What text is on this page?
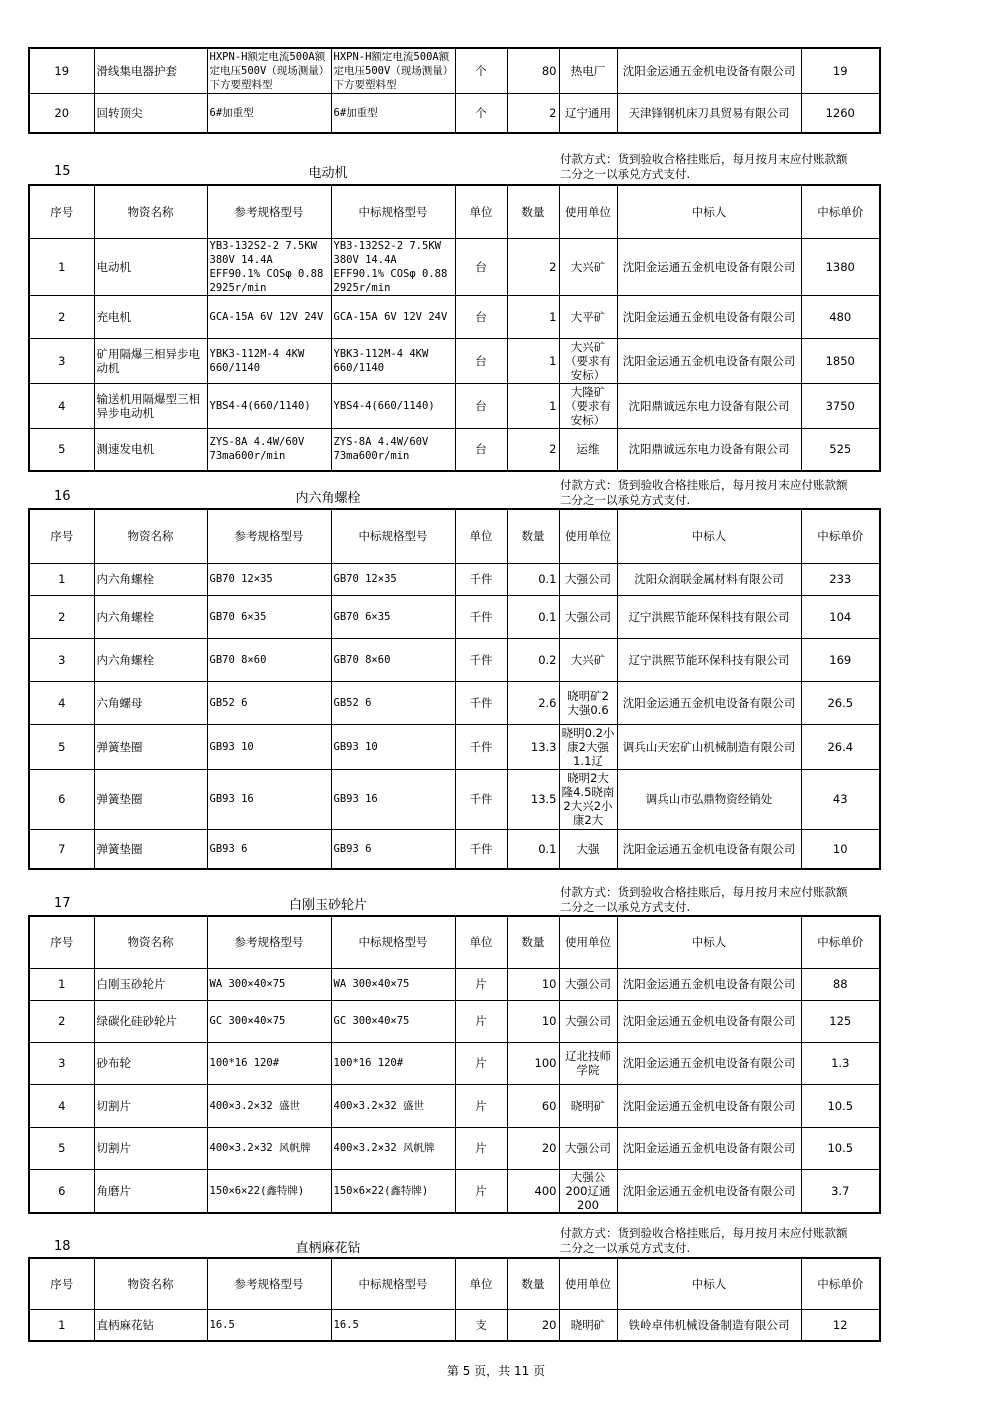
19	滑线集电器护套	HXPN-H额定电流500A额定电压500V（现场测量）下方要塑料型	HXPN-H额定电流500A额定电压500V（现场测量）下方要塑料型	个	80	热电厂	沈阳金运通五金机电设备有限公司	19
20	回转顶尖	6#加重型	6#加重型	个	2	辽宁通用	天津锋钢机床刀具贸易有限公司	1260
15	电动机
付款方式：货到验收合格挂账后，每月按月末应付账款额
二分之一以承兑方式支付.
序号	物资名称	参考规格型号	中标规格型号	单位	数量	使用单位	中标人	中标单价
1	电动机	YB3-132S2-2 7.5KW 380V 14.4A EFF90.1% COSφ 0.88 2925r/min	YB3-132S2-2 7.5KW 380V 14.4A EFF90.1% COSφ 0.88 2925r/min	台	2	大兴矿	沈阳金运通五金机电设备有限公司	1380
2	充电机	GCA-15A 6V 12V 24V	GCA-15A 6V 12V 24V	台	1	大平矿	沈阳金运通五金机电设备有限公司	480
3	矿用隔爆三相异步电动机	YBK3-112M-4 4KW 660/1140	YBK3-112M-4 4KW 660/1140	台	1	大兴矿（要求有安标）	沈阳金运通五金机电设备有限公司	1850
4	输送机用隔爆型三相异步电动机	YBS4-4(660/1140)	YBS4-4(660/1140)	台	1	大隆矿（要求有安标）	沈阳鼎诚远东电力设备有限公司	3750
5	测速发电机	ZYS-8A 4.4W/60V 73ma600r/min	ZYS-8A 4.4W/60V 73ma600r/min	台	2	运维	沈阳鼎诚远东电力设备有限公司	525
16	内六角螺栓
付款方式：货到验收合格挂账后，每月按月末应付账款额
二分之一以承兑方式支付.
序号	物资名称	参考规格型号	中标规格型号	单位	数量	使用单位	中标人	中标单价
1	内六角螺栓	GB70 12×35	GB70 12×35	千件	0.1	大强公司	沈阳众润联金属材料有限公司	233
2	内六角螺栓	GB70 6×35	GB70 6×35	千件	0.1	大强公司	辽宁洪熙节能环保科技有限公司	104
3	内六角螺栓	GB70 8×60	GB70 8×60	千件	0.2	大兴矿	辽宁洪熙节能环保科技有限公司	169
4	六角螺母	GB52 6	GB52 6	千件	2.6	晓明矿2大强0.6	沈阳金运通五金机电设备有限公司	26.5
5	弹簧垫圈	GB93 10	GB93 10	千件	13.3	晓明0.2小康2大强1.1辽	调兵山天宏矿山机械制造有限公司	26.4
6	弹簧垫圈	GB93 16	GB93 16	千件	13.5	晓明2大隆4.5晓南2大兴2小康2大	调兵山市弘鼎物资经销处	43
7	弹簧垫圈	GB93 6	GB93 6	千件	0.1	大强	沈阳金运通五金机电设备有限公司	10
17	白刚玉砂轮片
付款方式：货到验收合格挂账后，每月按月末应付账款额
二分之一以承兑方式支付.
序号	物资名称	参考规格型号	中标规格型号	单位	数量	使用单位	中标人	中标单价
1	白刚玉砂轮片	WA 300×40×75	WA 300×40×75	片	10	大强公司	沈阳金运通五金机电设备有限公司	88
2	绿碳化硅砂轮片	GC 300×40×75	GC 300×40×75	片	10	大强公司	沈阳金运通五金机电设备有限公司	125
3	砂布轮	100*16 120#	100*16 120#	片	100	辽北技师学院	沈阳金运通五金机电设备有限公司	1.3
4	切割片	400×3.2×32 盛世	400×3.2×32 盛世	片	60	晓明矿	沈阳金运通五金机电设备有限公司	10.5
5	切割片	400×3.2×32 风帆牌	400×3.2×32 风帆牌	片	20	大强公司	沈阳金运通五金机电设备有限公司	10.5
6	角磨片	150×6×22(鑫特牌)	150×6×22(鑫特牌)	片	400	大强公200辽通200	沈阳金运通五金机电设备有限公司	3.7
18	直柄麻花钻
付款方式：货到验收合格挂账后，每月按月末应付账款额
二分之一以承兑方式支付.
序号	物资名称	参考规格型号	中标规格型号	单位	数量	使用单位	中标人	中标单价
1	直柄麻花钻	16.5	16.5	支	20	晓明矿	铁岭卓伟机械设备制造有限公司	12
第 5 页，共 11 页
